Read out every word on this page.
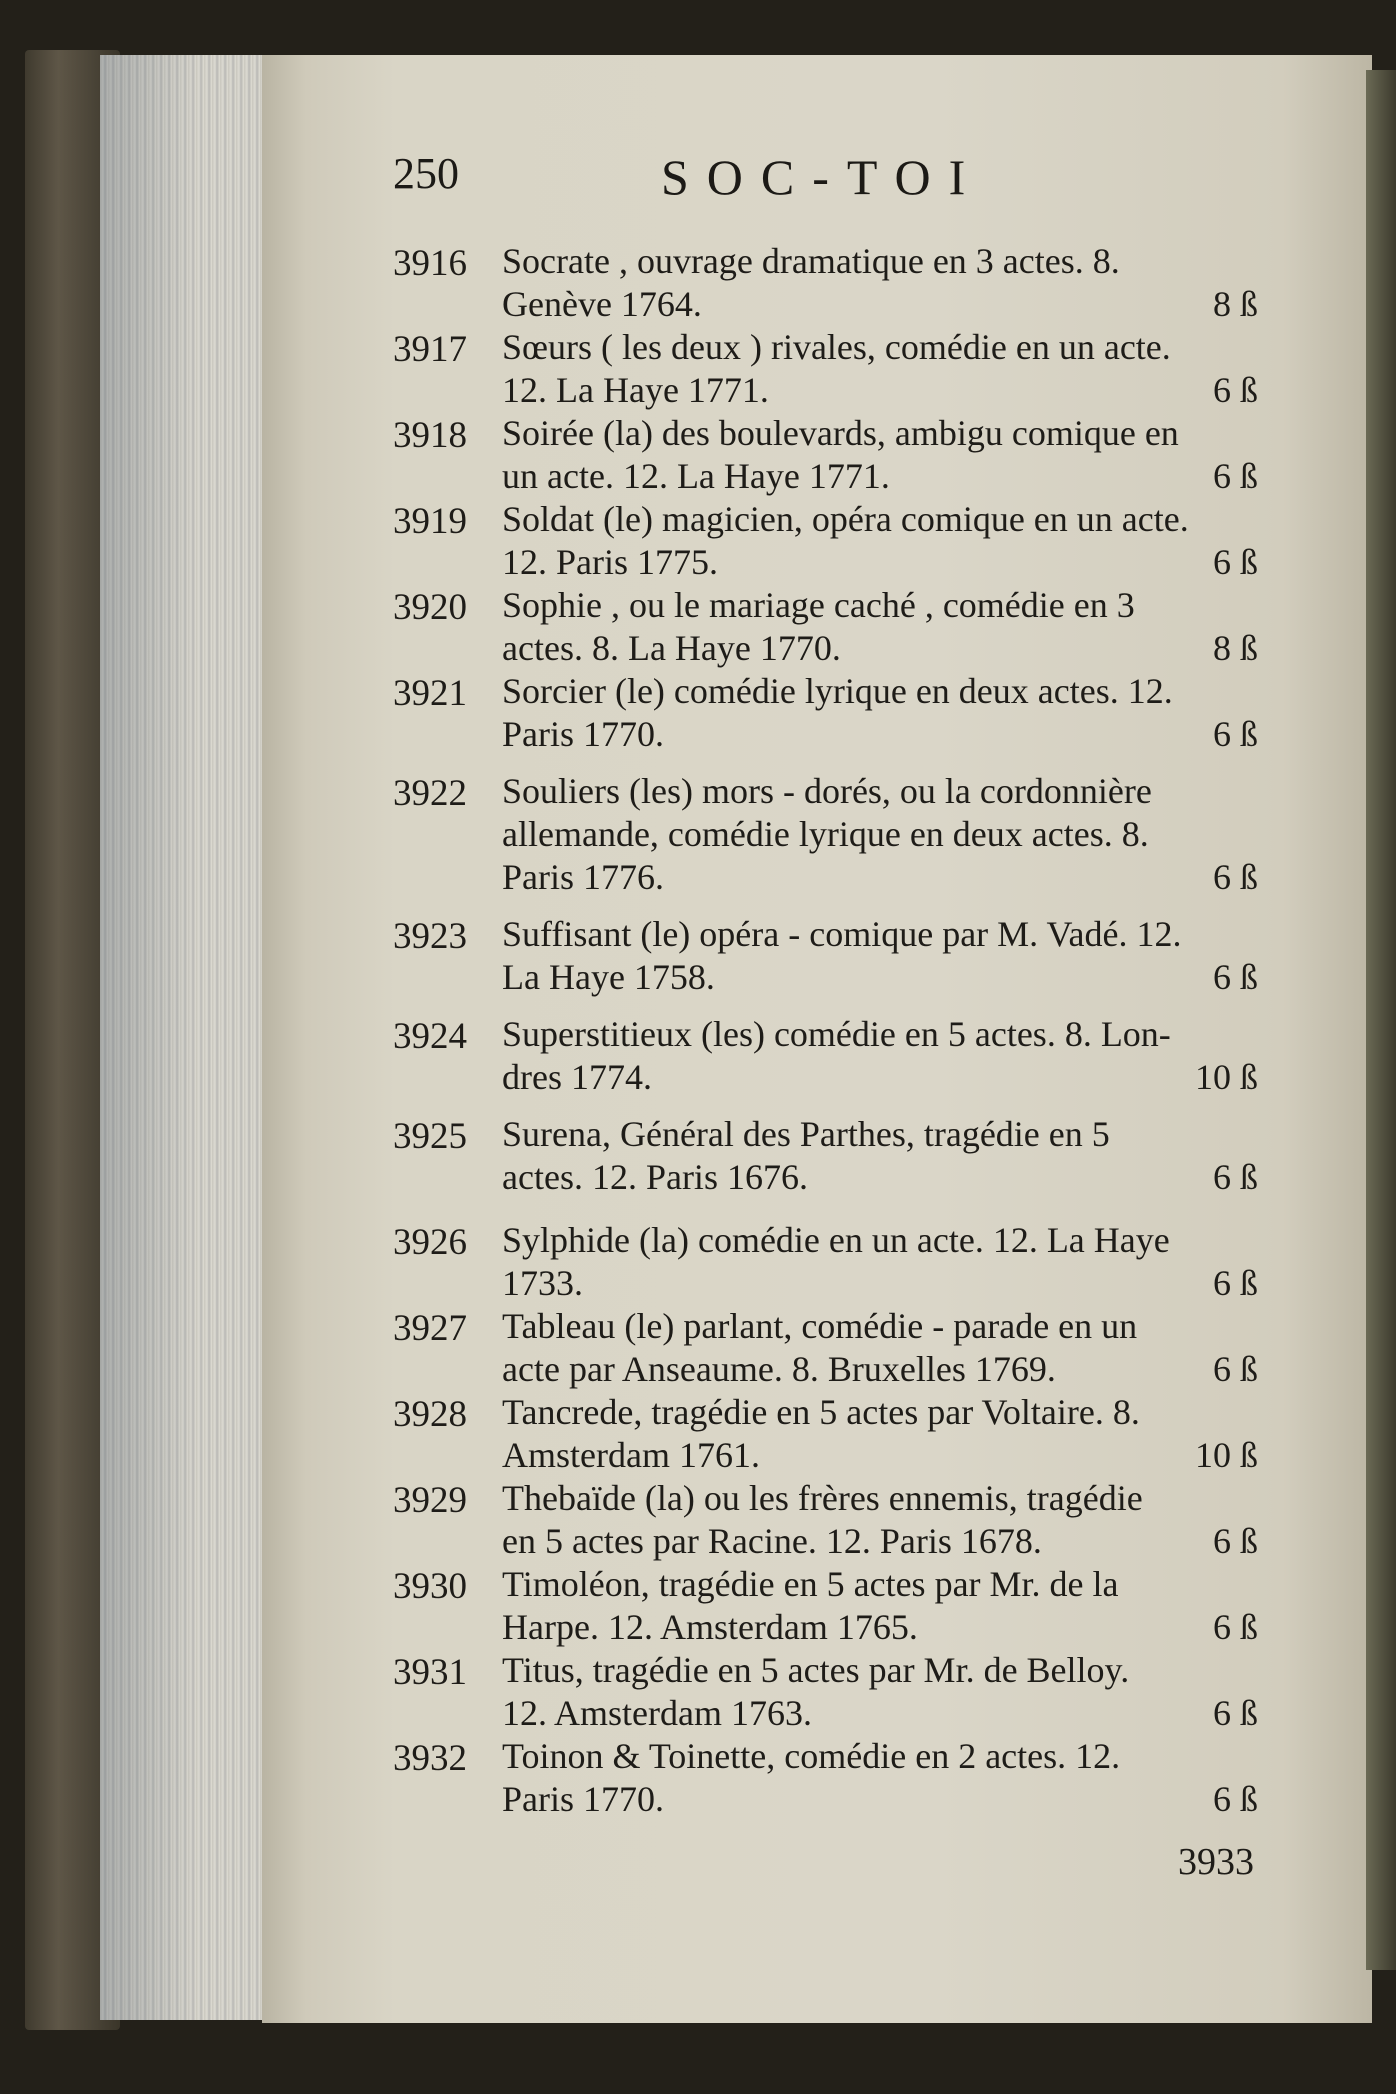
250	SOC-TOI
3916 Socrate , ouvrage dramatique en 3 actes. 8.
Genève 1764.	8 ß
3917 Sœurs ( les deux ) rivales, comédie en un acte.
12. La Haye 1771.	6 ß
3918 Soirée (la) des boulevards, ambigu comique en
un acte. 12. La Haye 1771.	6 ß
3919 Soldat (le) magicien, opéra comique en un acte.
12. Paris 1775.	6 ß
3920 Sophie , ou le mariage caché , comédie en 3
actes. 8. La Haye 1770.	8 ß
3921 Sorcier (le) comédie lyrique en deux actes. 12.
Paris 1770.	6 ß
3922 Souliers (les) mors - dorés, ou la cordonnière
allemande, comédie lyrique en deux actes. 8.
Paris 1776.	6 ß
3923 Suffisant (le) opéra - comique par M. Vadé. 12.
La Haye 1758.	6 ß
3924 Superstitieux (les) comédie en 5 actes. 8. Lon-
dres 1774.	10 ß
3925 Surena, Général des Parthes, tragédie en 5
actes. 12. Paris 1676.	6 ß
3926 Sylphide (la) comédie en un acte. 12. La Haye
1733.	6 ß
3927 Tableau (le) parlant, comédie - parade en un
acte par Anseaume. 8. Bruxelles 1769.	6 ß
3928 Tancrede, tragédie en 5 actes par Voltaire. 8.
Amsterdam 1761.	10 ß
3929 Thebaïde (la) ou les frères ennemis, tragédie
en 5 actes par Racine. 12. Paris 1678.	6 ß
3930 Timoléon, tragédie en 5 actes par Mr. de la
Harpe. 12. Amsterdam 1765.	6 ß
3931 Titus, tragédie en 5 actes par Mr. de Belloy.
12. Amsterdam 1763.	6 ß
3932 Toinon & Toinette, comédie en 2 actes. 12.
Paris 1770.	6 ß
3933
